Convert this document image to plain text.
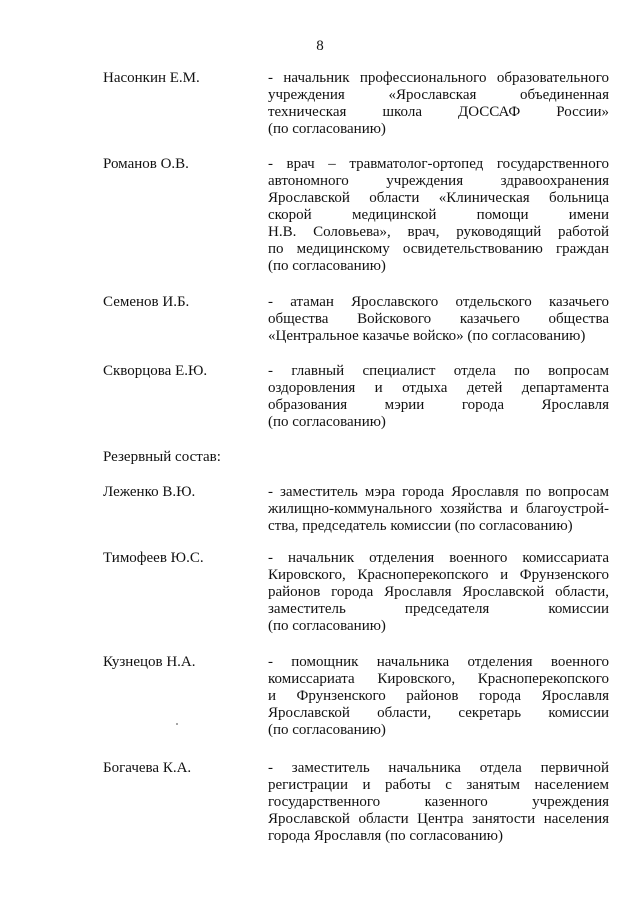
8
Насонкин Е.М.	- начальник профессионального образовательного
учреждения «Ярославская объединенная
техническая школа ДОССАФ России»
(по согласованию)
Романов О.В.	- врач – травматолог-ортопед государственного
автономного учреждения здравоохранения
Ярославской области «Клиническая больница
скорой медицинской помощи имени
Н.В. Соловьева», врач, руководящий работой
по медицинскому освидетельствованию граждан
(по согласованию)
Семенов И.Б.	- атаман Ярославского отдельского казачьего
общества Войскового казачьего общества
«Центральное казачье войско» (по согласованию)
Скворцова Е.Ю.	- главный специалист отдела по вопросам
оздоровления и отдыха детей департамента
образования мэрии города Ярославля
(по согласованию)
Резервный состав:
Леженко В.Ю.	- заместитель мэра города Ярославля по вопросам
жилищно-коммунального хозяйства и благоустрой-
ства, председатель комиссии (по согласованию)
Тимофеев Ю.С.	- начальник отделения военного комиссариата
Кировского, Красноперекопского и Фрунзенского
районов города Ярославля Ярославской области,
заместитель председателя комиссии
(по согласованию)
Кузнецов Н.А.	- помощник начальника отделения военного
комиссариата Кировского, Красноперекопского
и Фрунзенского районов города Ярославля
Ярославской области, секретарь комиссии
(по согласованию)
Богачева К.А.	- заместитель начальника отдела первичной
регистрации и работы с занятым населением
государственного казенного учреждения
Ярославской области Центра занятости населения
города Ярославля (по согласованию)
